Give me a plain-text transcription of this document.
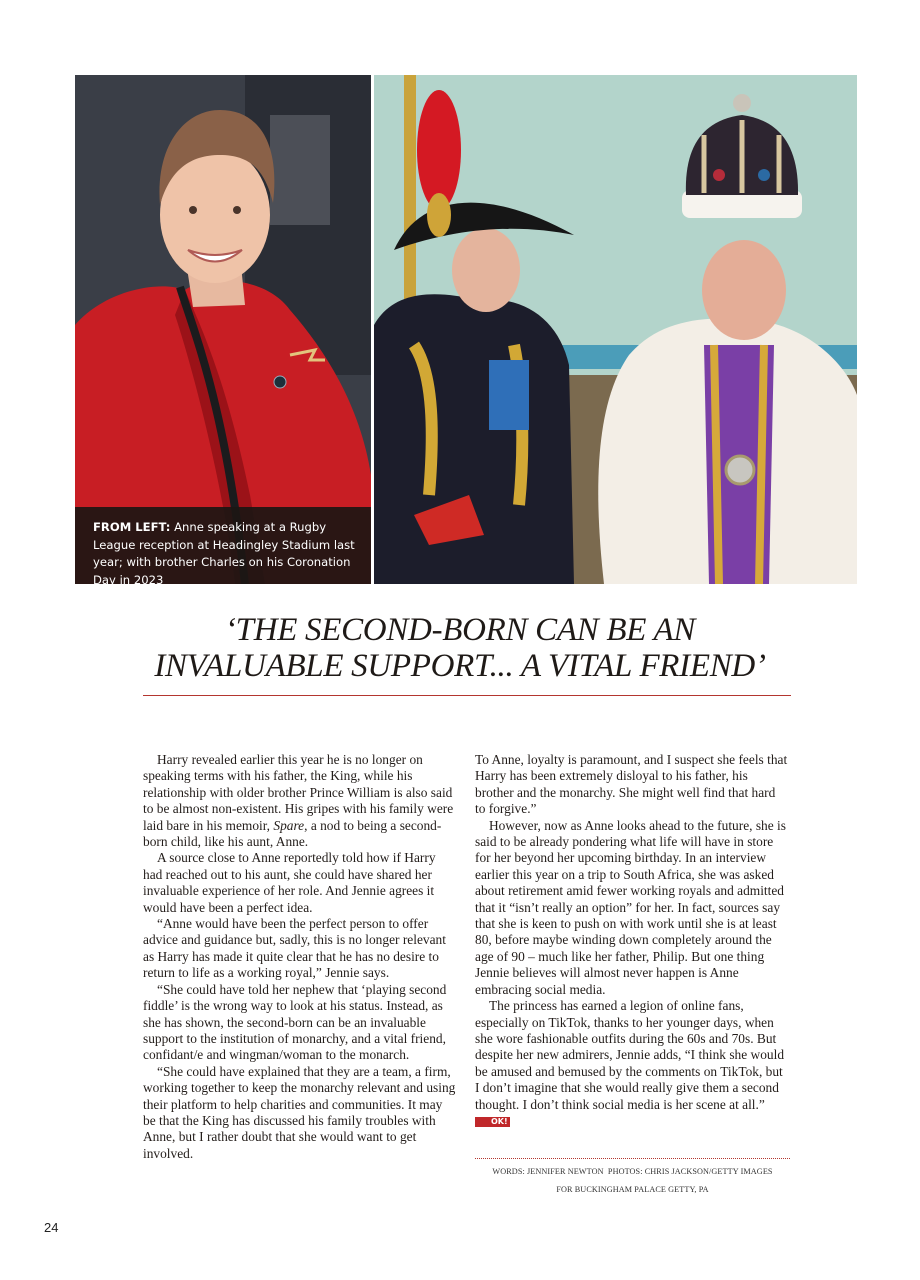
FROM LEFT: Anne speaking at a Rugby League reception at Headingley Stadium last year; with brother Charles on his Coronation Day in 2023
‘THE SECOND-BORN CAN BE AN
INVALUABLE SUPPORT... A VITAL FRIEND’

Harry revealed earlier this year he is no longer on speaking terms with his father, the King, while his relationship with older brother Prince William is also said to be almost non-existent. His gripes with his family were laid bare in his memoir, Spare, a nod to being a second-born child, like his aunt, Anne.

A source close to Anne reportedly told how if Harry had reached out to his aunt, she could have shared her invaluable experience of her role. And Jennie agrees it would have been a perfect idea.

“Anne would have been the perfect person to offer advice and guidance but, sadly, this is no longer relevant as Harry has made it quite clear that he has no desire to return to life as a working royal,” Jennie says.

“She could have told her nephew that ‘playing second fiddle’ is the wrong way to look at his status. Instead, as she has shown, the second-born can be an invaluable support to the institution of monarchy, and a vital friend, confidant/e and wingman/woman to the monarch.

“She could have explained that they are a team, a firm, working together to keep the monarchy relevant and using their platform to help charities and communities. It may be that the King has discussed his family troubles with Anne, but I rather doubt that she would want to get involved.

To Anne, loyalty is paramount, and I suspect she feels that Harry has been extremely disloyal to his father, his brother and the monarchy. She might well find that hard to forgive.”

However, now as Anne looks ahead to the future, she is said to be already pondering what life will have in store for her beyond her upcoming birthday. In an interview earlier this year on a trip to South Africa, she was asked about retirement amid fewer working royals and admitted that it “isn’t really an option” for her. In fact, sources say that she is keen to push on with work until she is at least 80, before maybe winding down completely around the age of 90 – much like her father, Philip. But one thing Jennie believes will almost never happen is Anne embracing social media.

The princess has earned a legion of online fans, especially on TikTok, thanks to her younger days, when she wore fashionable outfits during the 60s and 70s. But despite her new admirers, Jennie adds, “I think she would be amused and bemused by the comments on TikTok, but I don’t imagine that she would really give them a second thought. I don’t think social media is her scene at all.” OK!

WORDS: JENNIFER NEWTON  PHOTOS: CHRIS JACKSON/GETTY IMAGES
FOR BUCKINGHAM PALACE GETTY, PA
24
